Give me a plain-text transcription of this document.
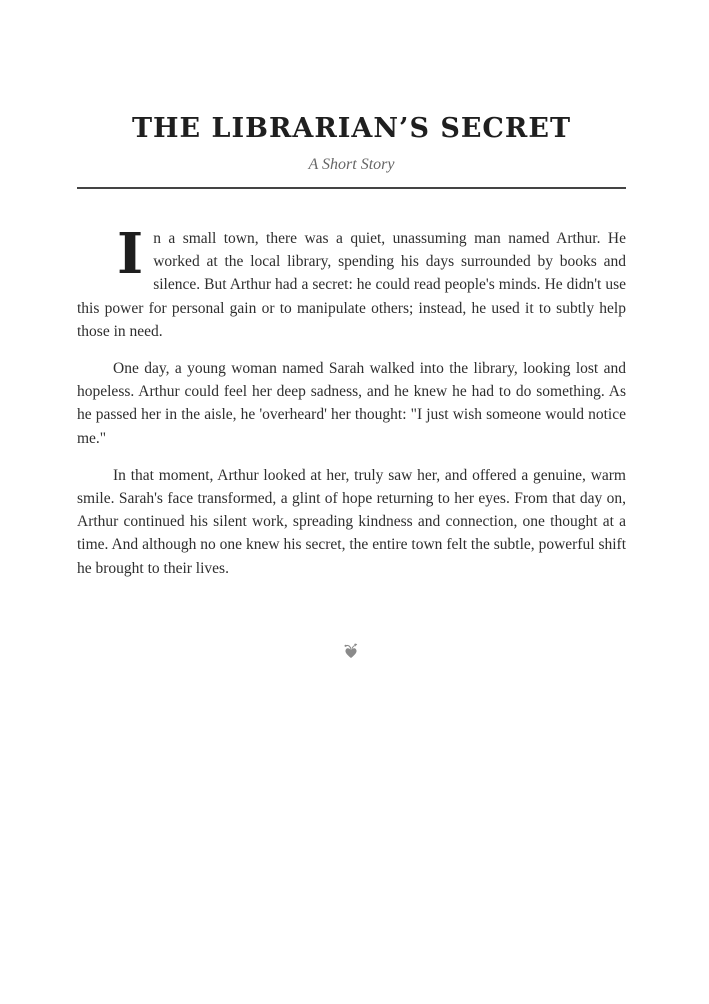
THE LIBRARIAN’S SECRET
A Short Story

In a small town, there was a quiet, unassuming man named Arthur. He worked at the local library, spending his days surrounded by books and silence. But Arthur had a secret: he could read people's minds. He didn't use this power for personal gain or to manipulate others; instead, he used it to subtly help those in need.

One day, a young woman named Sarah walked into the library, looking lost and hopeless. Arthur could feel her deep sadness, and he knew he had to do something. As he passed her in the aisle, he 'overheard' her thought: "I just wish someone would notice me."

In that moment, Arthur looked at her, truly saw her, and offered a genuine, warm smile. Sarah's face transformed, a glint of hope returning to her eyes. From that day on, Arthur continued his silent work, spreading kindness and connection, one thought at a time. And although no one knew his secret, the entire town felt the subtle, powerful shift he brought to their lives.
